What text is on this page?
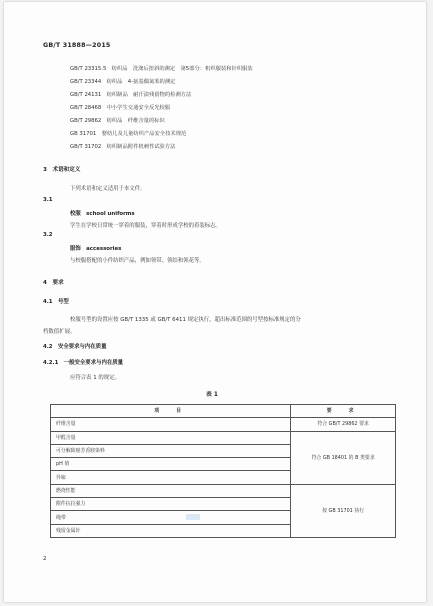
GB/T 31888—2015
GB/T 23315.5　纺织品　洗涤后扭斜的测定　第5部分：机织服装和针织服装
GB/T 23344　纺织品　4-氨基偶氮苯的测定
GB/T 24131　纺织制品　耐汗渍残留物的检测方法
GB/T 28468　中小学生交通安全反光校服
GB/T 29862　纺织品　纤维含量的标识
GB 31701　婴幼儿及儿童纺织产品安全技术规范
GB/T 31702　纺织制品附件机刺性试验方法
3　术语和定义
下列术语和定义适用于本文件。
3.1
校服　school uniforms
学生在学校日常统一穿着的服装，穿着时形成学校的着装标志。
3.2
服饰　accessories
与校服搭配的小件纺织产品，例如领带、领结和领花等。
4　要求
4.1　号型
校服号型的设置应按 GB/T 1335 或 GB/T 6411 规定执行，超出标准范围的号型按标准规定的分
档数值扩展。
4.2　安全要求与内在质量
4.2.1　一般安全要求与内在质量
应符合表 1 的规定。
表 1
项　目	要　求
纤维含量	符合 GB/T 29862 要求
甲醛含量	符合 GB 18401 的 B 类要求
可分解致癌芳香胺染料	
pH 值	
异味	
燃烧性能	按 GB 31701 执行
附件抗拉强力	
绳带	
残留金属针	
2
